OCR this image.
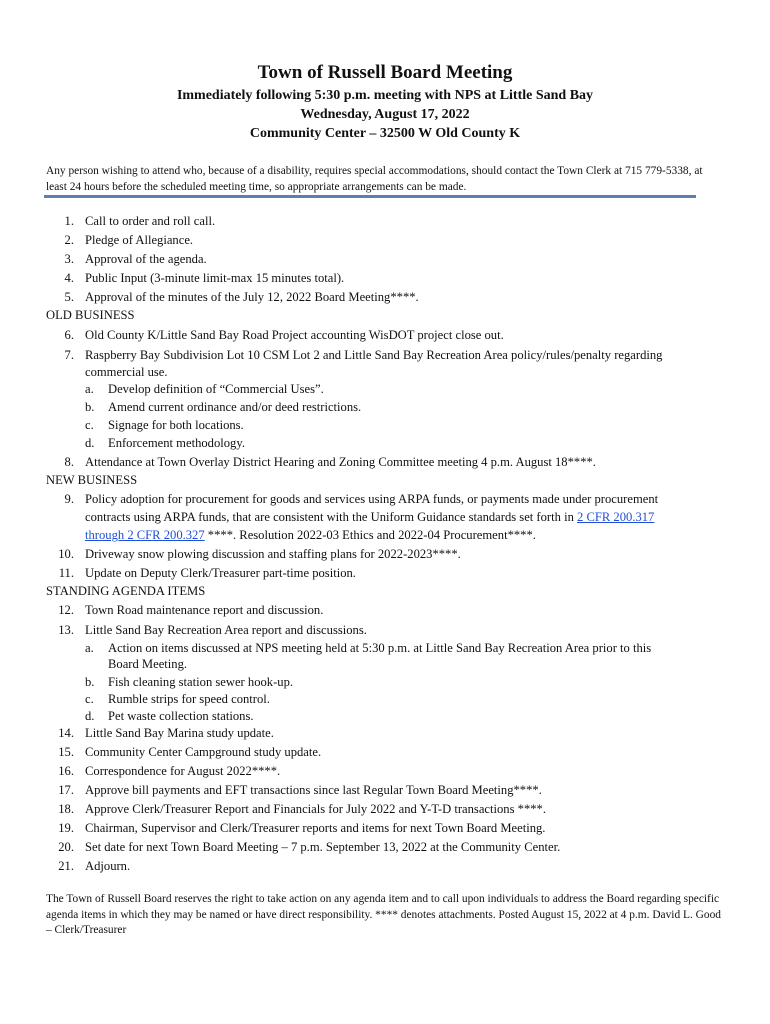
Town of Russell Board Meeting
Immediately following 5:30 p.m. meeting with NPS at Little Sand Bay
Wednesday, August 17, 2022
Community Center – 32500 W Old County K
Any person wishing to attend who, because of a disability, requires special accommodations, should contact the Town Clerk at 715 779-5338, at least 24 hours before the scheduled meeting time, so appropriate arrangements can be made.
1. Call to order and roll call.
2. Pledge of Allegiance.
3. Approval of the agenda.
4. Public Input (3-minute limit-max 15 minutes total).
5. Approval of the minutes of the July 12, 2022 Board Meeting****.
OLD BUSINESS
6. Old County K/Little Sand Bay Road Project accounting WisDOT project close out.
7. Raspberry Bay Subdivision Lot 10 CSM Lot 2 and Little Sand Bay Recreation Area policy/rules/penalty regarding
commercial use.
a. Develop definition of “Commercial Uses”.
b. Amend current ordinance and/or deed restrictions.
c. Signage for both locations.
d. Enforcement methodology.
8. Attendance at Town Overlay District Hearing and Zoning Committee meeting 4 p.m. August 18****.
NEW BUSINESS
9. Policy adoption for procurement for goods and services using ARPA funds, or payments made under procurement
contracts using ARPA funds, that are consistent with the Uniform Guidance standards set forth in 2 CFR 200.317
through 2 CFR 200.327 ****. Resolution 2022-03 Ethics and 2022-04 Procurement****.
10. Driveway snow plowing discussion and staffing plans for 2022-2023****.
11. Update on Deputy Clerk/Treasurer part-time position.
STANDING AGENDA ITEMS
12. Town Road maintenance report and discussion.
13. Little Sand Bay Recreation Area report and discussions.
a. Action on items discussed at NPS meeting held at 5:30 p.m. at Little Sand Bay Recreation Area prior to this
Board Meeting.
b. Fish cleaning station sewer hook-up.
c. Rumble strips for speed control.
d. Pet waste collection stations.
14. Little Sand Bay Marina study update.
15. Community Center Campground study update.
16. Correspondence for August 2022****.
17. Approve bill payments and EFT transactions since last Regular Town Board Meeting****.
18. Approve Clerk/Treasurer Report and Financials for July 2022 and Y-T-D transactions ****.
19. Chairman, Supervisor and Clerk/Treasurer reports and items for next Town Board Meeting.
20. Set date for next Town Board Meeting – 7 p.m. September 13, 2022 at the Community Center.
21. Adjourn.
The Town of Russell Board reserves the right to take action on any agenda item and to call upon individuals to address the Board regarding specific agenda items in which they may be named or have direct responsibility. **** denotes attachments. Posted August 15, 2022 at 4 p.m. David L. Good – Clerk/Treasurer
